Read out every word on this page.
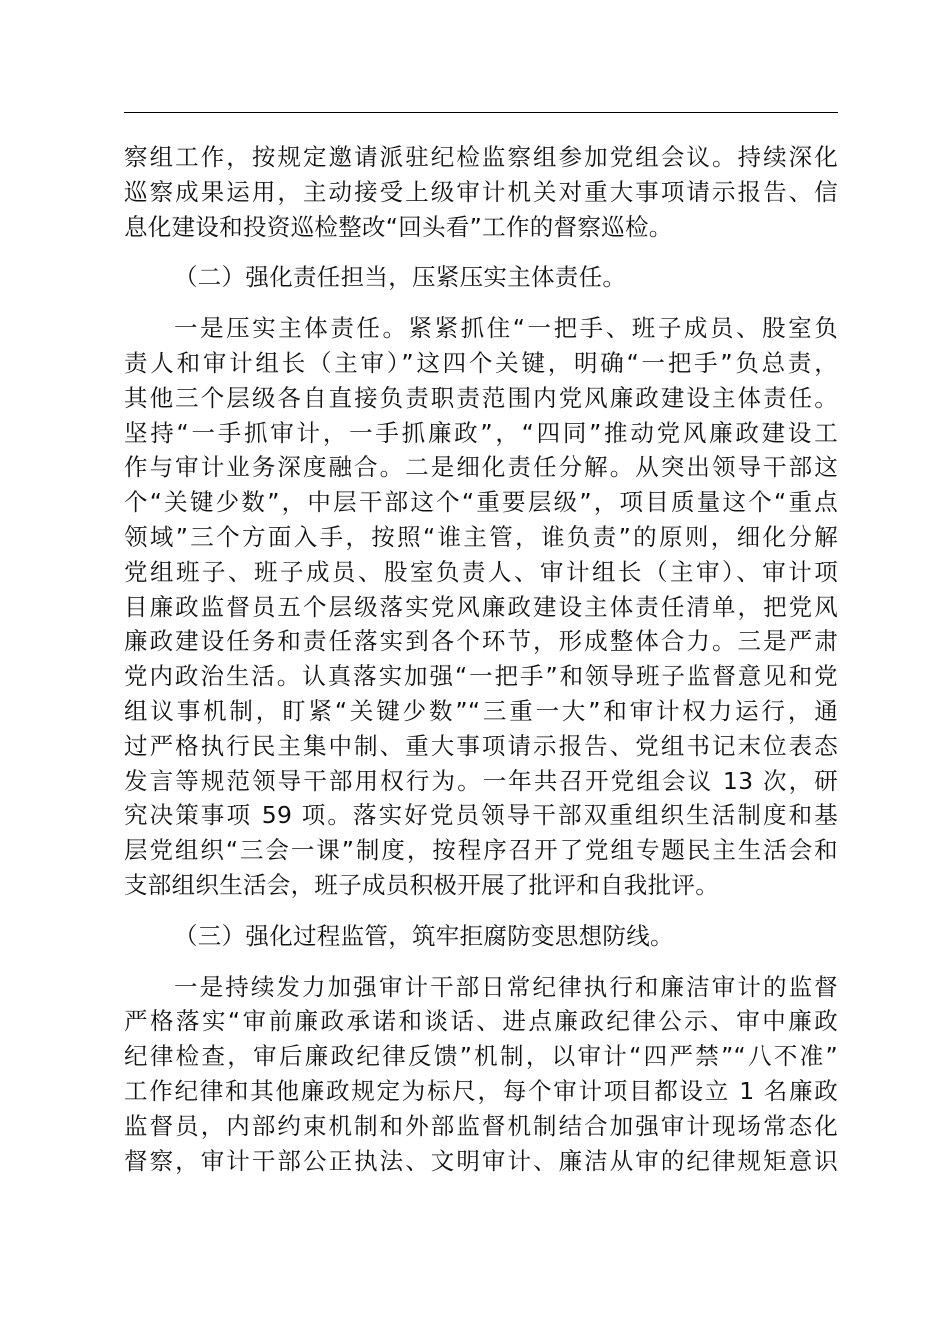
察组工作，按规定邀请派驻纪检监察组参加党组会议。持续深化
巡察成果运用，主动接受上级审计机关对重大事项请示报告、信
息化建设和投资巡检整改“回头看”工作的督察巡检。
（二）强化责任担当，压紧压实主体责任。
一是压实主体责任。紧紧抓住“一把手、班子成员、股室负
责人和审计组长（主审）”这四个关键，明确“一把手”负总责，
其他三个层级各自直接负责职责范围内党风廉政建设主体责任。
坚持“一手抓审计，一手抓廉政”，“四同”推动党风廉政建设工
作与审计业务深度融合。二是细化责任分解。从突出领导干部这
个“关键少数”，中层干部这个“重要层级”，项目质量这个“重点
领域”三个方面入手，按照“谁主管，谁负责”的原则，细化分解
党组班子、班子成员、股室负责人、审计组长（主审）、审计项
目廉政监督员五个层级落实党风廉政建设主体责任清单，把党风
廉政建设任务和责任落实到各个环节，形成整体合力。三是严肃
党内政治生活。认真落实加强“一把手”和领导班子监督意见和党
组议事机制，盯紧“关键少数”“三重一大”和审计权力运行，通
过严格执行民主集中制、重大事项请示报告、党组书记末位表态
发言等规范领导干部用权行为。一年共召开党组会议 13 次，研
究决策事项 59 项。落实好党员领导干部双重组织生活制度和基
层党组织“三会一课”制度，按程序召开了党组专题民主生活会和
支部组织生活会，班子成员积极开展了批评和自我批评。
（三）强化过程监管，筑牢拒腐防变思想防线。
一是持续发力加强审计干部日常纪律执行和廉洁审计的监督
严格落实“审前廉政承诺和谈话、进点廉政纪律公示、审中廉政
纪律检查，审后廉政纪律反馈”机制，以审计“四严禁”“八不准”
工作纪律和其他廉政规定为标尺，每个审计项目都设立 1 名廉政
监督员，内部约束机制和外部监督机制结合加强审计现场常态化
督察，审计干部公正执法、文明审计、廉洁从审的纪律规矩意识
